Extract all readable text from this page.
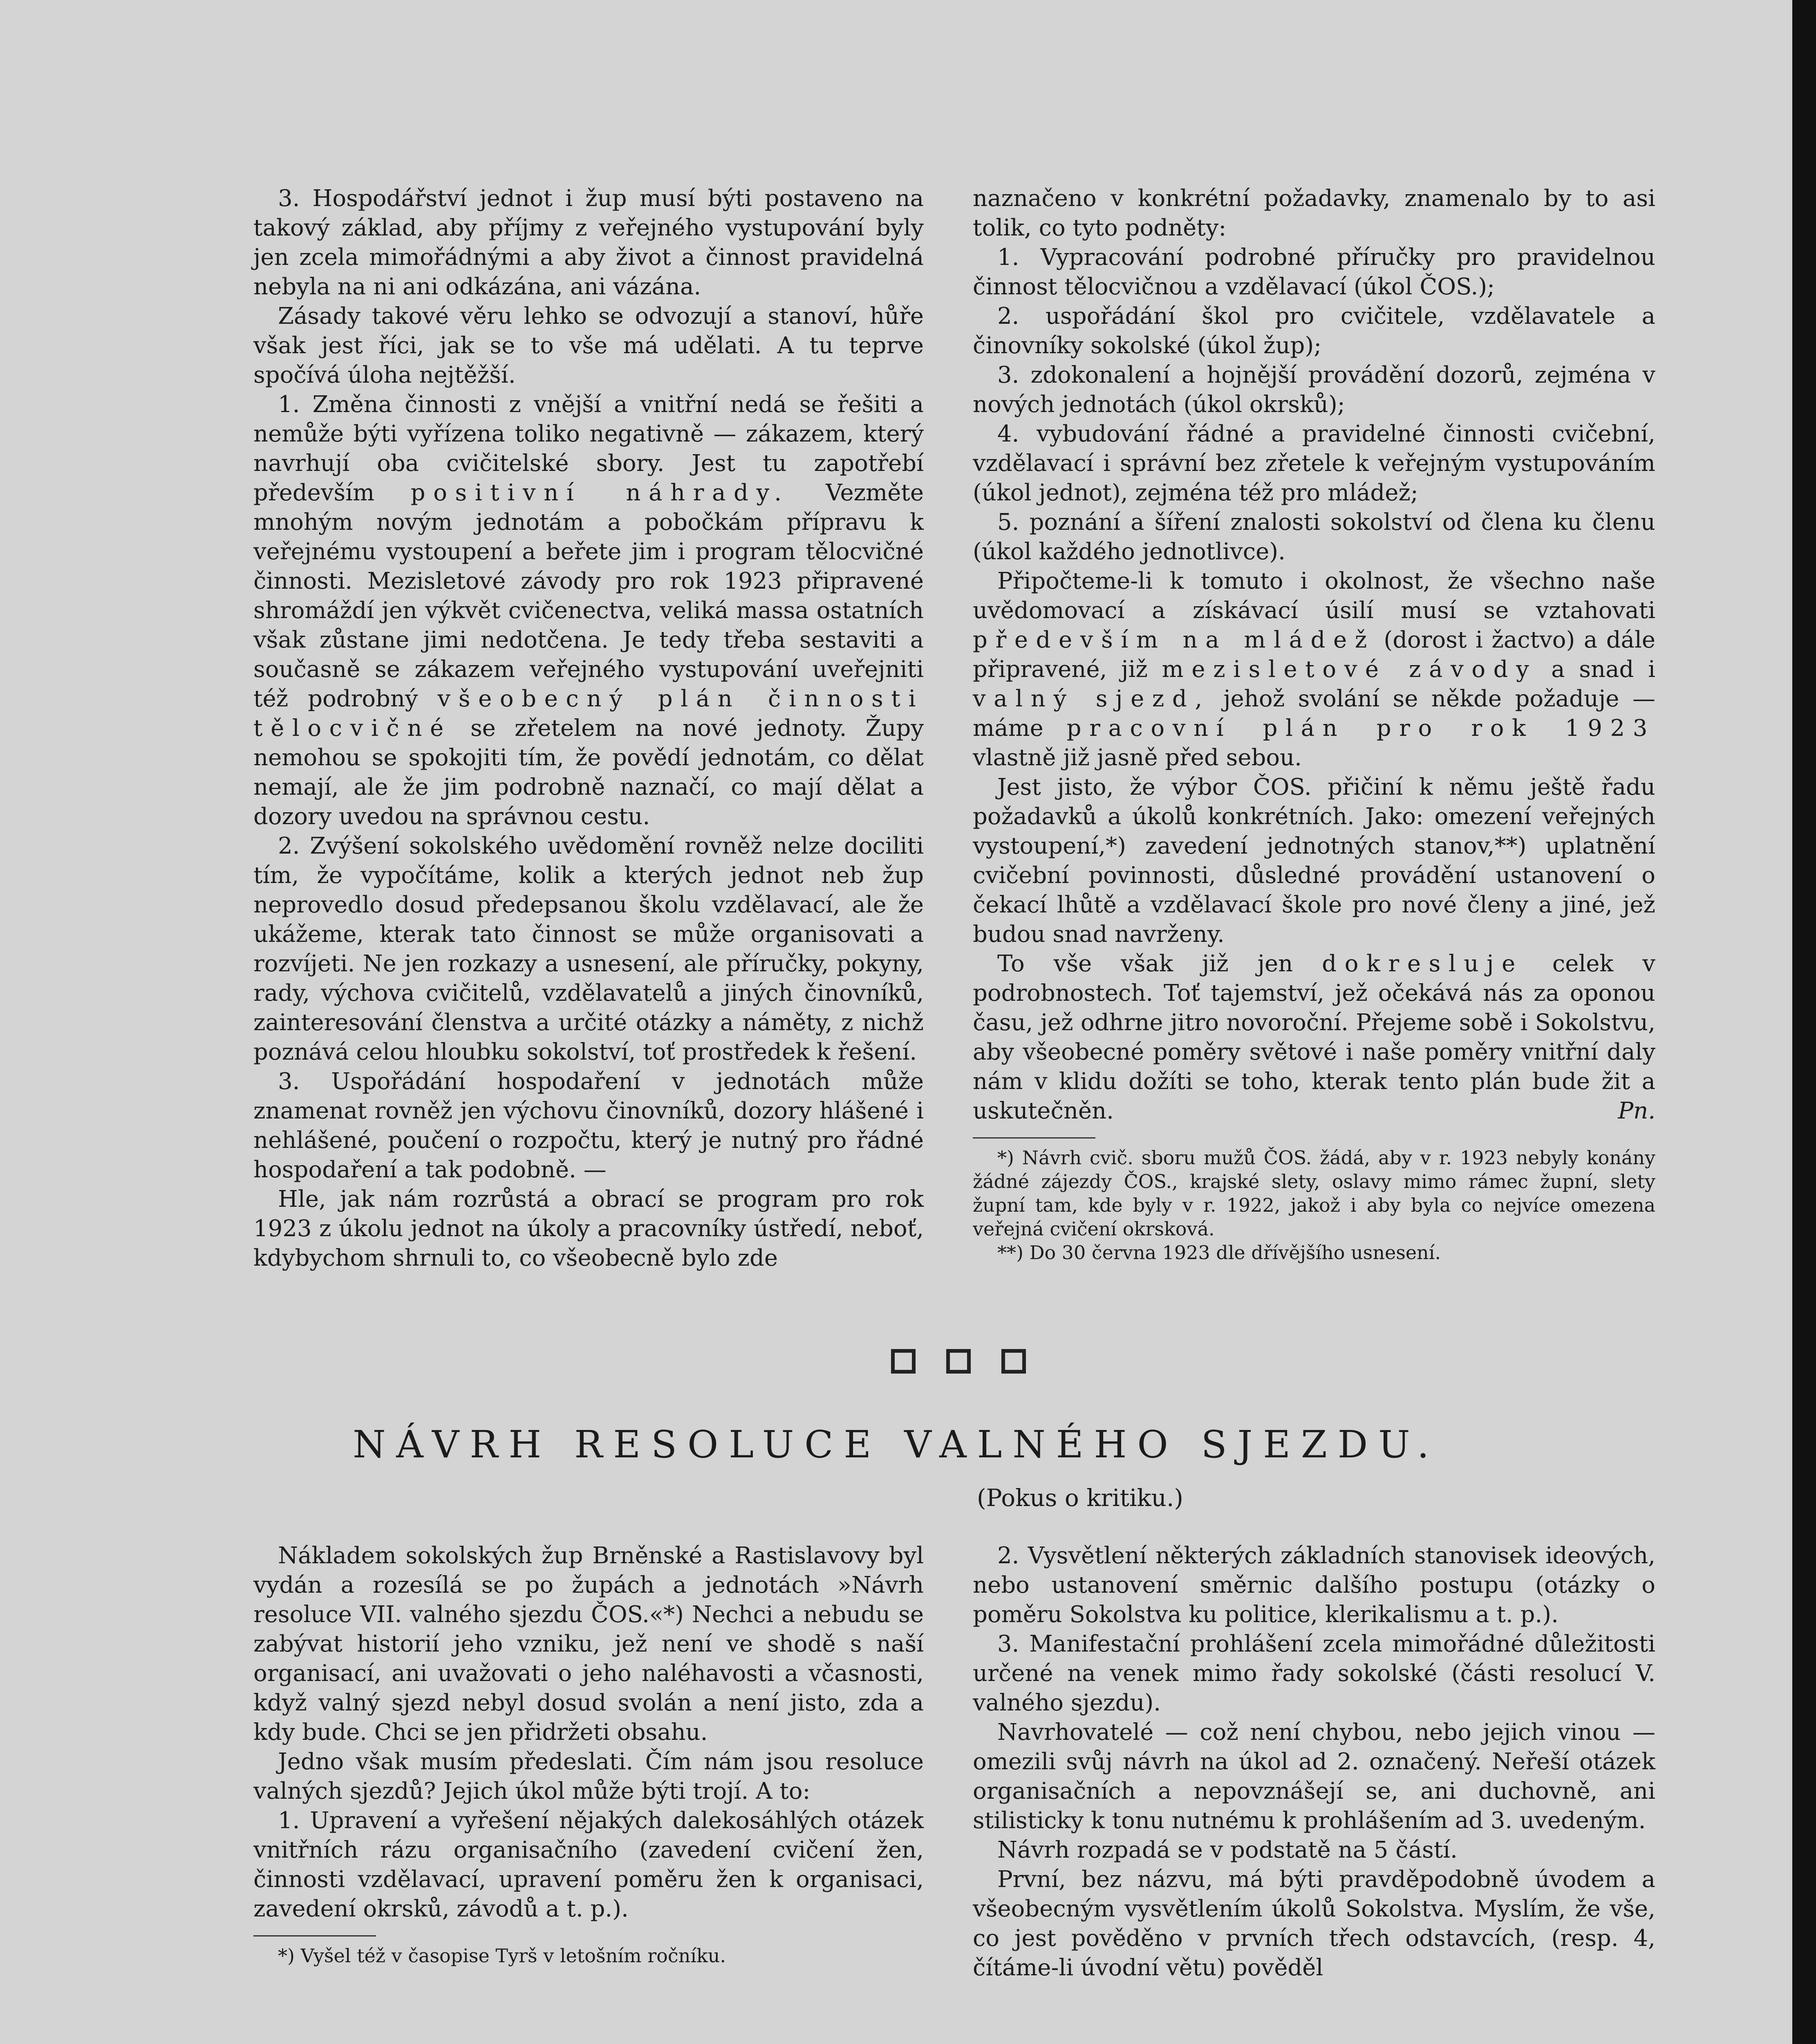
3. Hospodářství jednot i žup musí býti postaveno na takový základ, aby příjmy z veřejného vystupování byly jen zcela mimořádnými a aby život a činnost pravidelná nebyla na ni ani odkázána, ani vázána.

Zásady takové věru lehko se odvozují a stanoví, hůře však jest říci, jak se to vše má udělati. A tu teprve spočívá úloha nejtěžší.

1. Změna činnosti z vnější a vnitřní nedá se řešiti a nemůže býti vyřízena toliko negativně — zákazem, který navrhují oba cvičitelské sbory. Jest tu zapotřebí především positivní náhrady. Vezměte mnohým novým jednotám a pobočkám přípravu k veřejnému vystoupení a beřete jim i program tělocvičné činnosti. Mezisletové závody pro rok 1923 připravené shromáždí jen výkvět cvičenectva, veliká massa ostatních však zůstane jimi nedotčena. Je tedy třeba sestaviti a současně se zákazem veřejného vystupování uveřejniti též podrobný všeobecný plán činnosti tělocvičné se zřetelem na nové jednoty. Župy nemohou se spokojiti tím, že povědí jednotám, co dělat nemají, ale že jim podrobně naznačí, co mají dělat a dozory uvedou na správnou cestu.

2. Zvýšení sokolského uvědomění rovněž nelze dociliti tím, že vypočítáme, kolik a kterých jednot neb žup neprovedlo dosud předepsanou školu vzdělavací, ale že ukážeme, kterak tato činnost se může organisovati a rozvíjeti. Ne jen rozkazy a usnesení, ale příručky, pokyny, rady, výchova cvičitelů, vzdělavatelů a jiných činovníků, zainteresování členstva a určité otázky a náměty, z nichž poznává celou hloubku sokolství, toť prostředek k řešení.

3. Uspořádání hospodaření v jednotách může znamenat rovněž jen výchovu činovníků, dozory hlášené i nehlášené, poučení o rozpočtu, který je nutný pro řádné hospodaření a tak podobně. —

Hle, jak nám rozrůstá a obrací se program pro rok 1923 z úkolu jednot na úkoly a pracovníky ústředí, neboť, kdybychom shrnuli to, co všeobecně bylo zde

naznačeno v konkrétní požadavky, znamenalo by to asi tolik, co tyto podněty:

1. Vypracování podrobné příručky pro pravidelnou činnost tělocvičnou a vzdělavací (úkol ČOS.);

2. uspořádání škol pro cvičitele, vzdělavatele a činovníky sokolské (úkol žup);

3. zdokonalení a hojnější provádění dozorů, zejména v nových jednotách (úkol okrsků);

4. vybudování řádné a pravidelné činnosti cvičební, vzdělavací i správní bez zřetele k veřejným vystupováním (úkol jednot), zejména též pro mládež;

5. poznání a šíření znalosti sokolství od člena ku členu (úkol každého jednotlivce).

Připočteme-li k tomuto i okolnost, že všechno naše uvědomovací a získávací úsilí musí se vztahovati především na mládež (dorost i žactvo) a dále připravené, již mezisletové závody a snad i valný sjezd, jehož svolání se někde požaduje — máme pracovní plán pro rok 1923 vlastně již jasně před sebou.

Jest jisto, že výbor ČOS. přičiní k němu ještě řadu požadavků a úkolů konkrétních. Jako: omezení veřejných vystoupení,*) zavedení jednotných stanov,**) uplatnění cvičební povinnosti, důsledné provádění ustanovení o čekací lhůtě a vzdělavací škole pro nové členy a jiné, jež budou snad navrženy.

To vše však již jen dokresluje celek v podrobnostech. Toť tajemství, jež očekává nás za oponou času, jež odhrne jitro novoroční. Přejeme sobě i Sokolstvu, aby všeobecné poměry světové i naše poměry vnitřní daly nám v klidu dožíti se toho, kterak tento plán bude žit a uskutečněn.	Pn.

*) Návrh cvič. sboru mužů ČOS. žádá, aby v r. 1923 nebyly konány žádné zájezdy ČOS., krajské slety, oslavy mimo rámec župní, slety župní tam, kde byly v r. 1922, jakož i aby byla co nejvíce omezena veřejná cvičení okrsková.

**) Do 30 června 1923 dle dřívějšího usnesení.

NÁVRH RESOLUCE VALNÉHO SJEZDU.
(Pokus o kritiku.)

Nákladem sokolských žup Brněnské a Rastislavovy byl vydán a rozesílá se po župách a jednotách »Návrh resoluce VII. valného sjezdu ČOS.«*) Nechci a nebudu se zabývat historií jeho vzniku, jež není ve shodě s naší organisací, ani uvažovati o jeho naléhavosti a včasnosti, když valný sjezd nebyl dosud svolán a není jisto, zda a kdy bude. Chci se jen přidržeti obsahu.

Jedno však musím předeslati. Čím nám jsou resoluce valných sjezdů? Jejich úkol může býti trojí. A to:

1. Upravení a vyřešení nějakých dalekosáhlých otázek vnitřních rázu organisačního (zavedení cvičení žen, činnosti vzdělavací, upravení poměru žen k organisaci, zavedení okrsků, závodů a t. p.).

*) Vyšel též v časopise Tyrš v letošním ročníku.

2. Vysvětlení některých základních stanovisek ideových, nebo ustanovení směrnic dalšího postupu (otázky o poměru Sokolstva ku politice, klerikalismu a t. p.).

3. Manifestační prohlášení zcela mimořádné důležitosti určené na venek mimo řady sokolské (části resolucí V. valného sjezdu).

Navrhovatelé — což není chybou, nebo jejich vinou — omezili svůj návrh na úkol ad 2. označený. Neřeší otázek organisačních a nepovznášejí se, ani duchovně, ani stilisticky k tonu nutnému k prohlášením ad 3. uvedeným.

Návrh rozpadá se v podstatě na 5 částí.

První, bez názvu, má býti pravděpodobně úvodem a všeobecným vysvětlením úkolů Sokolstva. Myslím, že vše, co jest pověděno v prvních třech odstavcích, (resp. 4, čítáme-li úvodní větu) pověděl
